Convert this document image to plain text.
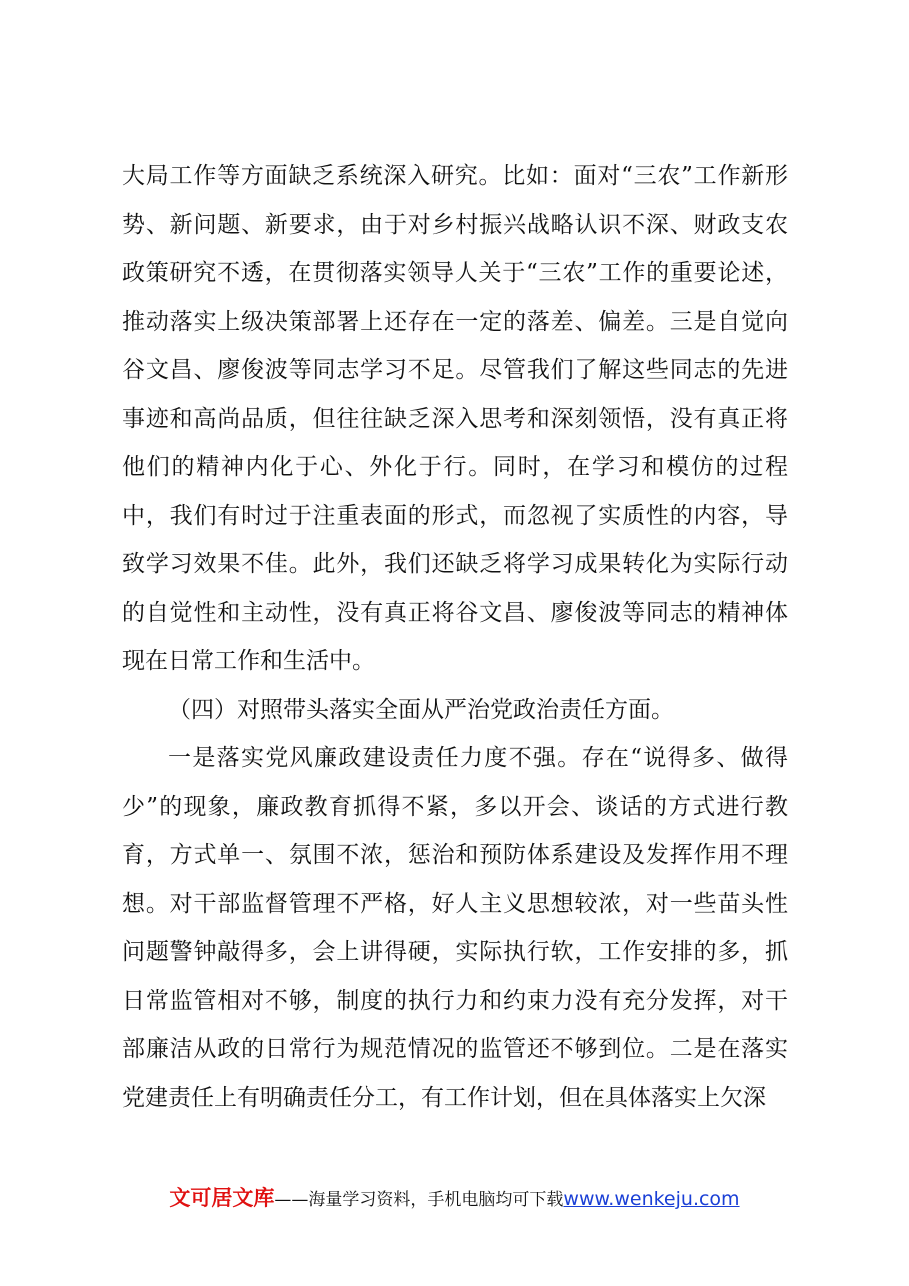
大局工作等方面缺乏系统深入研究。比如：面对“三农”工作新形势、新问题、新要求，由于对乡村振兴战略认识不深、财政支农政策研究不透，在贯彻落实领导人关于“三农”工作的重要论述，推动落实上级决策部署上还存在一定的落差、偏差。三是自觉向谷文昌、廖俊波等同志学习不足。尽管我们了解这些同志的先进事迹和高尚品质，但往往缺乏深入思考和深刻领悟，没有真正将他们的精神内化于心、外化于行。同时，在学习和模仿的过程中，我们有时过于注重表面的形式，而忽视了实质性的内容，导致学习效果不佳。此外，我们还缺乏将学习成果转化为实际行动的自觉性和主动性，没有真正将谷文昌、廖俊波等同志的精神体现在日常工作和生活中。

（四）对照带头落实全面从严治党政治责任方面。

一是落实党风廉政建设责任力度不强。存在“说得多、做得少”的现象，廉政教育抓得不紧，多以开会、谈话的方式进行教育，方式单一、氛围不浓，惩治和预防体系建设及发挥作用不理想。对干部监督管理不严格，好人主义思想较浓，对一些苗头性问题警钟敲得多，会上讲得硬，实际执行软，工作安排的多，抓日常监管相对不够，制度的执行力和约束力没有充分发挥，对干部廉洁从政的日常行为规范情况的监管还不够到位。二是在落实党建责任上有明确责任分工，有工作计划，但在具体落实上欠深

文可居文库——海量学习资料，手机电脑均可下载www.wenkeju.com
